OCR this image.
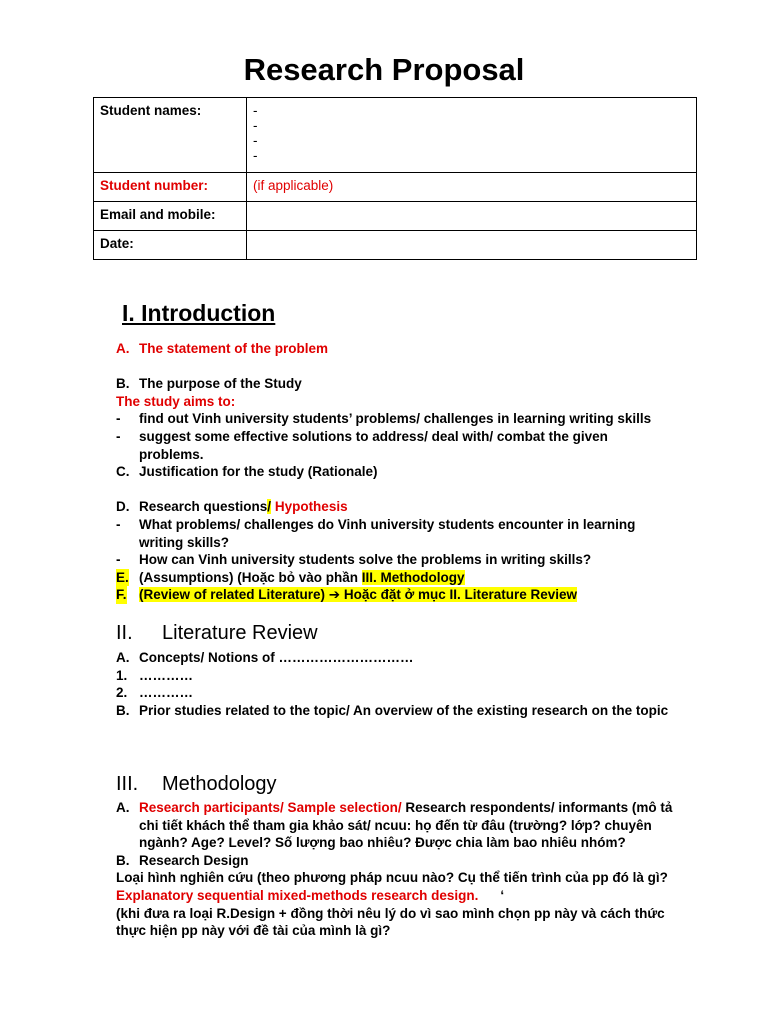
Research Proposal
Student names:	-
-
-
-

Student number:	(if applicable)
Email and mobile:	
Date:	
I. Introduction
A. The statement of the problem
B. The purpose of the Study
The study aims to:
-	find out Vinh university students’ problems/ challenges in learning writing skills
-	suggest some effective solutions to address/ deal with/ combat the given problems.
C. Justification for the study (Rationale)
D. Research questions/ Hypothesis
-	What problems/ challenges do Vinh university students encounter in learning writing skills?
-	How can Vinh university students solve the problems in writing skills?
E. (Assumptions) (Hoặc bỏ vào phần III. Methodology
F. (Review of related Literature) ➔ Hoặc đặt ở mục II. Literature Review
II. Literature Review
A. Concepts/ Notions of …………………………
1. …………
2. …………
B. Prior studies related to the topic/ An overview of the existing research on the topic
III. Methodology
A. Research participants/ Sample selection/ Research respondents/ informants (mô tả chi tiết khách thể tham gia khảo sát/ ncuu: họ đến từ đâu (trường? lớp? chuyên ngành? Age? Level? Số lượng bao nhiêu? Được chia làm bao nhiêu nhóm?
B. Research Design
Loại hình nghiên cứu (theo phương pháp ncuu nào? Cụ thể tiến trình của pp đó là gì?
Explanatory sequential mixed-methods research design. ‘
(khi đưa ra loại R.Design + đồng thời nêu lý do vì sao mình chọn pp này và cách thức thực hiện pp này với đề tài của mình là gì?
